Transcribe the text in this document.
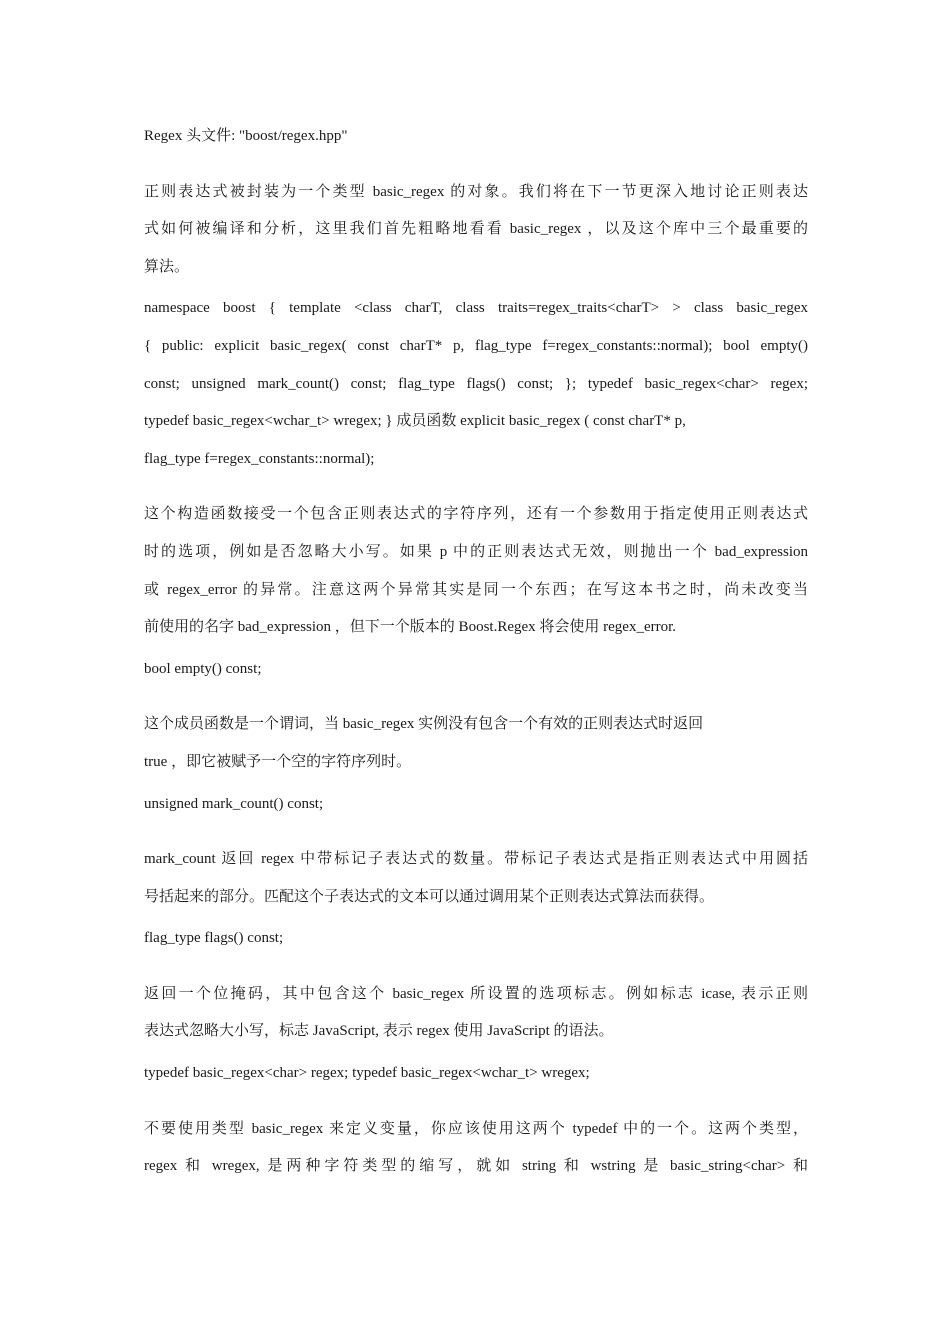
Regex 头文件: "boost/regex.hpp"
正则表达式被封装为一个类型 basic_regex 的对象。我们将在下一节更深入地讨论正则表达
式如何被编译和分析，这里我们首先粗略地看看 basic_regex ，以及这个库中三个最重要的
算法。
namespace boost { template <class charT, class traits=regex_traits<charT> > class basic_regex
{ public: explicit basic_regex( const charT* p, flag_type f=regex_constants::normal); bool empty()
const; unsigned mark_count() const; flag_type flags() const; }; typedef basic_regex<char> regex;
typedef basic_regex<wchar_t> wregex; } 成员函数 explicit basic_regex ( const charT* p,
flag_type f=regex_constants::normal);
这个构造函数接受一个包含正则表达式的字符序列，还有一个参数用于指定使用正则表达式
时的选项，例如是否忽略大小写。如果 p 中的正则表达式无效，则抛出一个 bad_expression
或 regex_error 的异常。注意这两个异常其实是同一个东西；在写这本书之时，尚未改变当
前使用的名字 bad_expression ，但下一个版本的 Boost.Regex 将会使用 regex_error.
bool empty() const;
这个成员函数是一个谓词，当 basic_regex 实例没有包含一个有效的正则表达式时返回
true ，即它被赋予一个空的字符序列时。
unsigned mark_count() const;
mark_count 返回 regex 中带标记子表达式的数量。带标记子表达式是指正则表达式中用圆括
号括起来的部分。匹配这个子表达式的文本可以通过调用某个正则表达式算法而获得。
flag_type flags() const;
返回一个位掩码，其中包含这个 basic_regex 所设置的选项标志。例如标志 icase, 表示正则
表达式忽略大小写，标志 JavaScript, 表示 regex 使用 JavaScript 的语法。
typedef basic_regex<char> regex; typedef basic_regex<wchar_t> wregex;
不要使用类型 basic_regex 来定义变量，你应该使用这两个 typedef 中的一个。这两个类型，
regex 和 wregex, 是两种字符类型的缩写，就如 string 和 wstring 是 basic_string<char> 和
